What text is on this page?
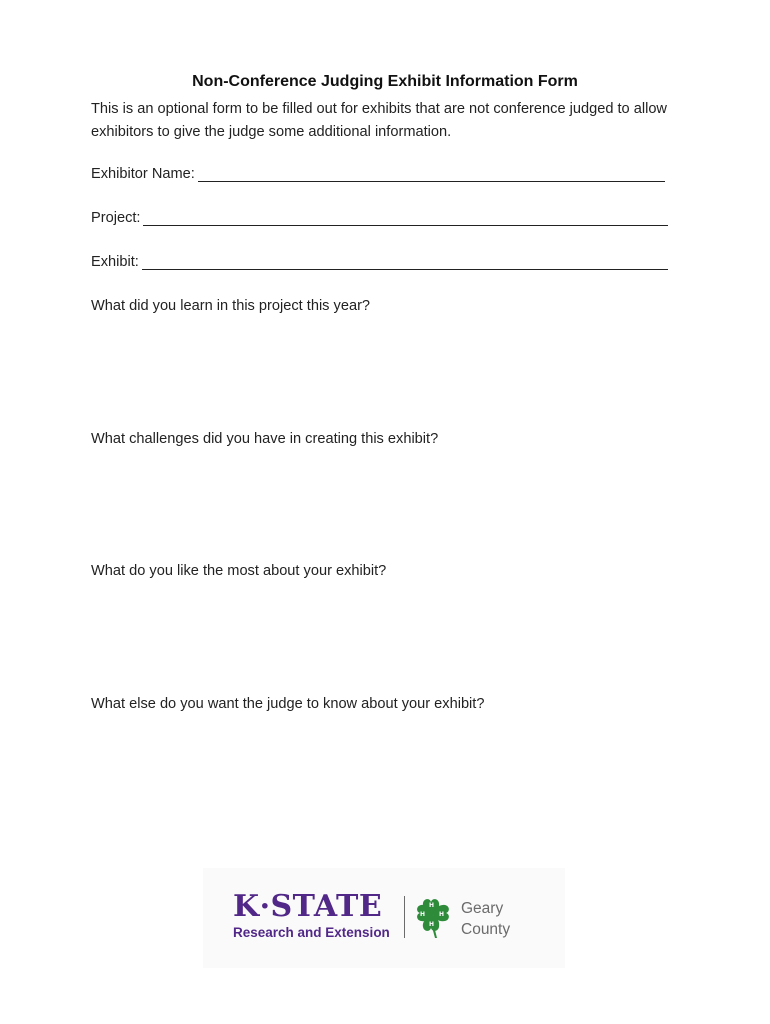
Non-Conference Judging Exhibit Information Form
This is an optional form to be filled out for exhibits that are not conference judged to allow exhibitors to give the judge some additional information.
Exhibitor Name:
Project:
Exhibit:
What did you learn in this project this year?
What challenges did you have in creating this exhibit?
What do you like the most about your exhibit?
What else do you want the judge to know about your exhibit?
K·STATE
Research and Extension
H
H H
H
Geary
County
